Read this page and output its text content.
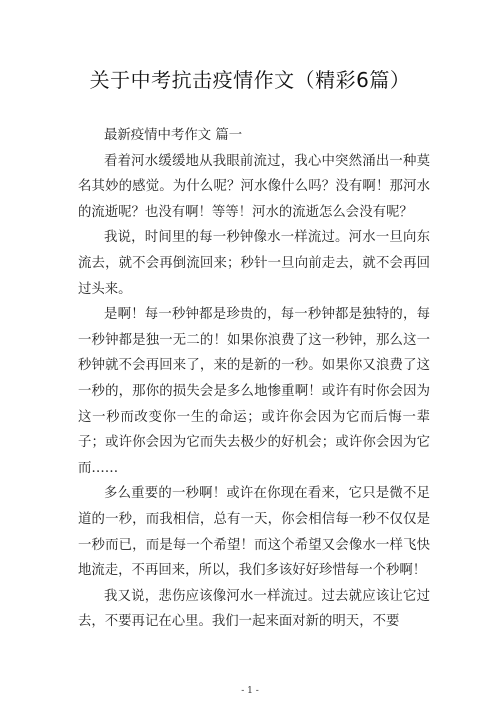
关于中考抗击疫情作文（精彩6篇）

最新疫情中考作文 篇一

看着河水缓缓地从我眼前流过，我心中突然涌出一种莫名其妙的感觉。为什么呢？河水像什么吗？没有啊！那河水的流逝呢？也没有啊！等等！河水的流逝怎么会没有呢？

我说，时间里的每一秒钟像水一样流过。河水一旦向东流去，就不会再倒流回来；秒针一旦向前走去，就不会再回过头来。

是啊！每一秒钟都是珍贵的，每一秒钟都是独特的，每一秒钟都是独一无二的！如果你浪费了这一秒钟，那么这一秒钟就不会再回来了，来的是新的一秒。如果你又浪费了这一秒的，那你的损失会是多么地惨重啊！或许有时你会因为这一秒而改变你一生的命运；或许你会因为它而后悔一辈子；或许你会因为它而失去极少的好机会；或许你会因为它而……

多么重要的一秒啊！或许在你现在看来，它只是微不足道的一秒，而我相信，总有一天，你会相信每一秒不仅仅是一秒而已，而是每一个希望！而这个希望又会像水一样飞快地流走，不再回来，所以，我们多该好好珍惜每一个秒啊！

我又说，悲伤应该像河水一样流过。过去就应该让它过去，不要再记在心里。我们一起来面对新的明天，不要

- 1 -
